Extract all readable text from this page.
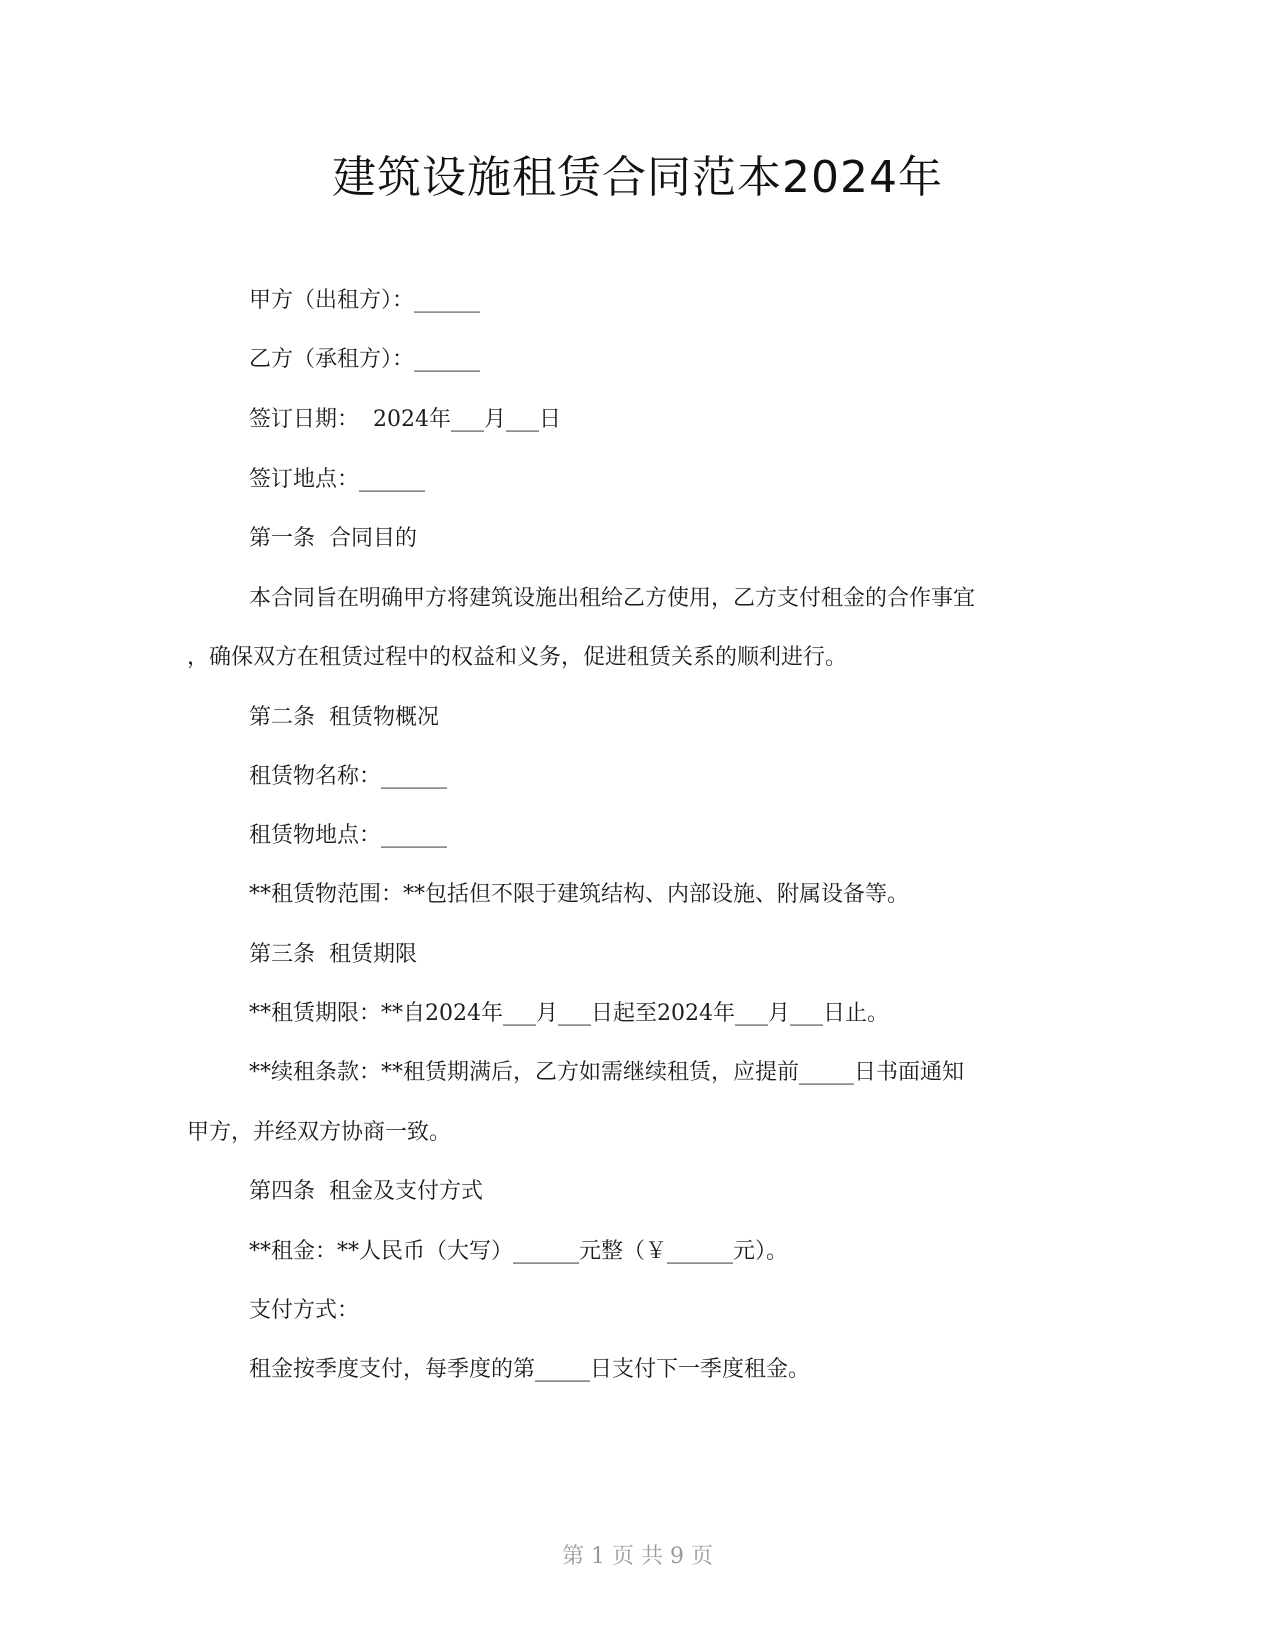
建筑设施租赁合同范本2024年
甲方（出租方）：______
乙方（承租方）：______
签订日期：  2024年___月___日
签订地点：______
第一条  合同目的
本合同旨在明确甲方将建筑设施出租给乙方使用，乙方支付租金的合作事宜
，确保双方在租赁过程中的权益和义务，促进租赁关系的顺利进行。
第二条  租赁物概况
租赁物名称：______
租赁物地点：______
**租赁物范围：**包括但不限于建筑结构、内部设施、附属设备等。
第三条  租赁期限
**租赁期限：**自2024年___月___日起至2024年___月___日止。
**续租条款：**租赁期满后，乙方如需继续租赁，应提前_____日书面通知
甲方，并经双方协商一致。
第四条  租金及支付方式
**租金：**人民币（大写）______元整（￥______元）。
支付方式：
租金按季度支付，每季度的第_____日支付下一季度租金。
第 1 页 共 9 页
